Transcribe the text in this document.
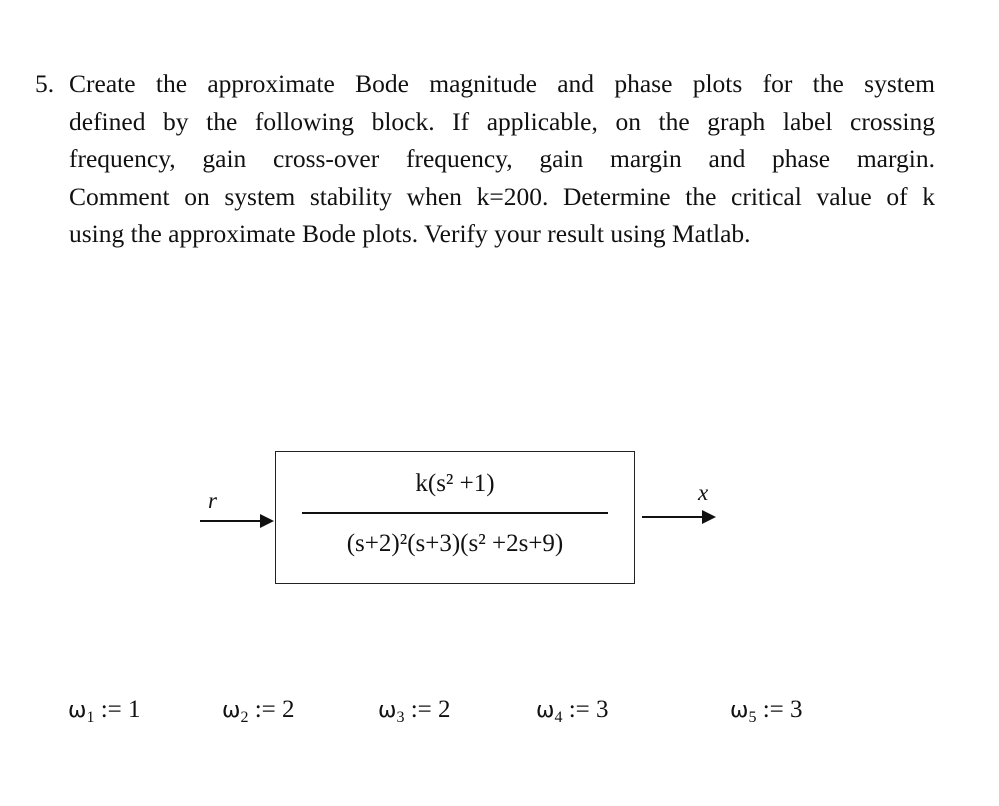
5. Create the approximate Bode magnitude and phase plots for the system
defined by the following block. If applicable, on the graph label crossing
frequency, gain cross-over frequency, gain margin and phase margin.
Comment on system stability when k=200. Determine the critical value of k
using the approximate Bode plots. Verify your result using Matlab.
r
k(s² +1)
(s+2)²(s+3)(s² +2s+9)
x
$\omega_1$ := 1	$\omega_2$ := 2	$\omega_3$ := 2	$\omega_4$ := 3	$\omega_5$ := 3
